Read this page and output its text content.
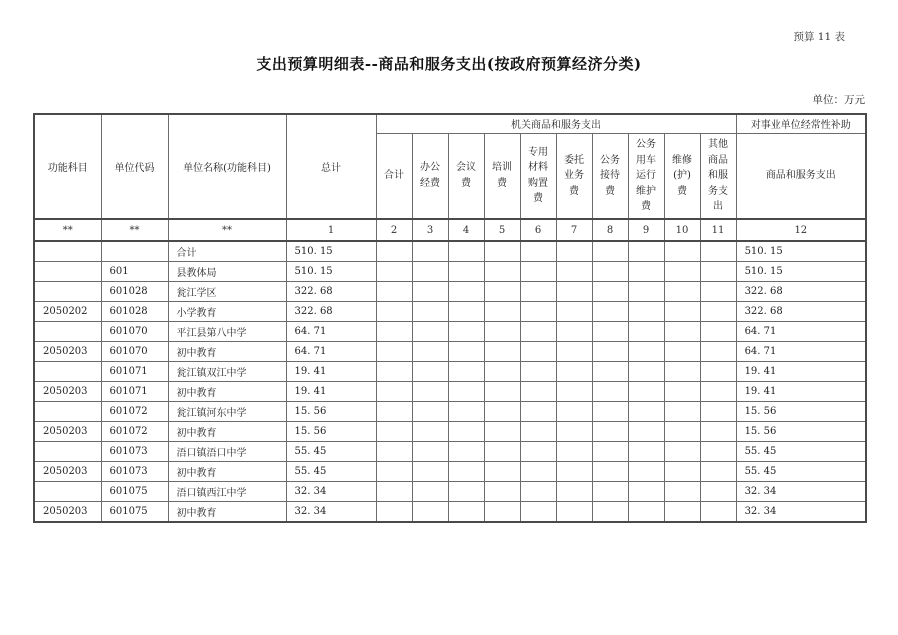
预算 11 表
支出预算明细表--商品和服务支出(按政府预算经济分类)
单位：万元
功能科目	单位代码	单位名称(功能科目)	总计	机关商品和服务支出										对事业单位经常性补助
				合计	办公经费	会议费	培训费	专用材料购置费	委托业务费	公务接待费	公务用车运行维护费	维修(护)费	其他商品和服务支出	商品和服务支出
**	**	**	1	2	3	4	5	6	7	8	9	10	11	12
		合计	510. 15											510. 15
	601	县教体局	510. 15											510. 15
	601028	瓮江学区	322. 68											322. 68
2050202	601028	小学教育	322. 68											322. 68
	601070	平江县第八中学	64. 71											64. 71
2050203	601070	初中教育	64. 71											64. 71
	601071	瓮江镇双江中学	19. 41											19. 41
2050203	601071	初中教育	19. 41											19. 41
	601072	瓮江镇河东中学	15. 56											15. 56
2050203	601072	初中教育	15. 56											15. 56
	601073	浯口镇浯口中学	55. 45											55. 45
2050203	601073	初中教育	55. 45											55. 45
	601075	浯口镇西江中学	32. 34											32. 34
2050203	601075	初中教育	32. 34											32. 34
